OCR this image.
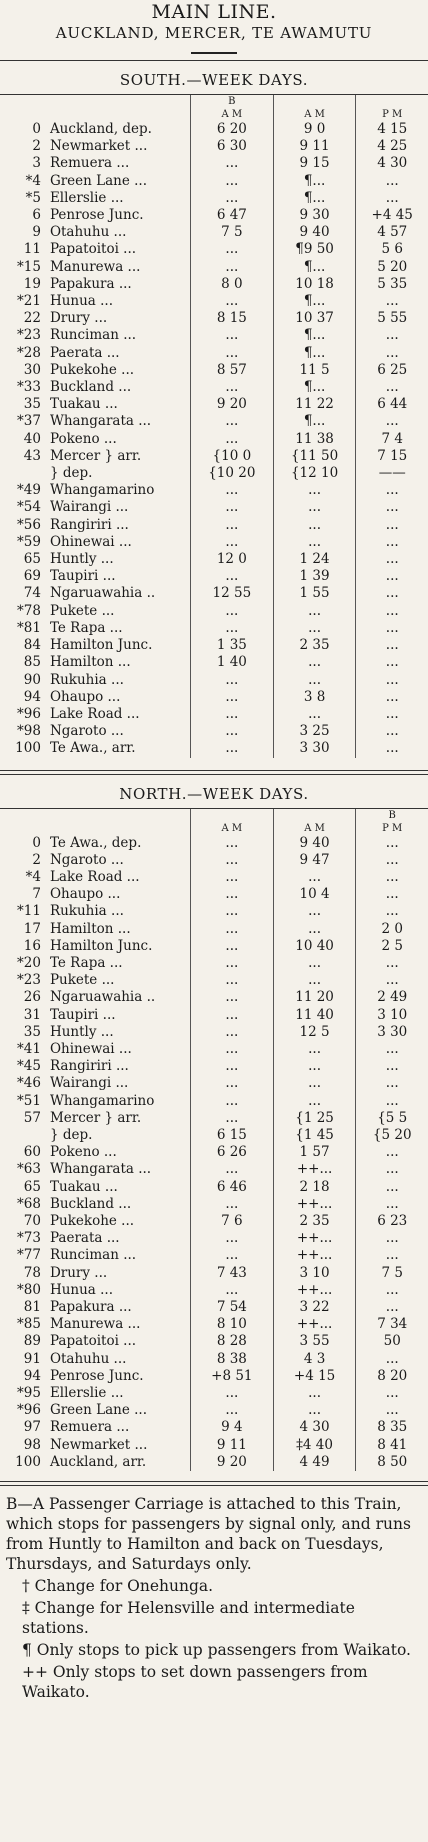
MAIN LINE.
AUCKLAND, MERCER, TE AWAMUTU
SOUTH.—WEEK DAYS.
		B		
		A M	A M	P M
0	Auckland, dep.	6 20	9 0	4 15
2	Newmarket ...	6 30	9 11	4 25
3	Remuera ...	...	9 15	4 30
*4	Green Lane ...	...	¶...	...
*5	Ellerslie ...	...	¶...	...
6	Penrose Junc.	6 47	9 30	+4 45
9	Otahuhu ...	7 5	9 40	4 57
11	Papatoitoi ...	...	¶9 50	5 6
*15	Manurewa ...	...	¶...	5 20
19	Papakura ...	8 0	10 18	5 35
*21	Hunua ...	...	¶...	...
22	Drury ...	8 15	10 37	5 55
*23	Runciman ...	...	¶...	...
*28	Paerata ...	...	¶...	...
30	Pukekohe ...	8 57	11 5	6 25
*33	Buckland ...	...	¶...	...
35	Tuakau ...	9 20	11 22	6 44
*37	Whangarata ...	...	¶...	...
40	Pokeno ...	...	11 38	7 4
43	Mercer } arr.	{10 0	{11 50	7 15
	} dep.	{10 20	{12 10	——
*49	Whangamarino	...	...	...
*54	Wairangi ...	...	...	...
*56	Rangiriri ...	...	...	...
*59	Ohinewai ...	...	...	...
65	Huntly ...	12 0	1 24	...
69	Taupiri ...	...	1 39	...
74	Ngaruawahia ..	12 55	1 55	...
*78	Pukete ...	...	...	...
*81	Te Rapa ...	...	...	...
84	Hamilton Junc.	1 35	2 35	...
85	Hamilton ...	1 40	...	...
90	Rukuhia ...	...	...	...
94	Ohaupo ...	...	3 8	...
*96	Lake Road ...	...	...	...
*98	Ngaroto ...	...	3 25	...
100	Te Awa., arr.	...	3 30	...
NORTH.—WEEK DAYS.
				B
		A M	A M	P M
0	Te Awa., dep.	...	9 40	...
2	Ngaroto ...	...	9 47	...
*4	Lake Road ...	...	...	...
7	Ohaupo ...	...	10 4	...
*11	Rukuhia ...	...	...	...
17	Hamilton ...	...	...	2 0
16	Hamilton Junc.	...	10 40	2 5
*20	Te Rapa ...	...	...	...
*23	Pukete ...	...	...	...
26	Ngaruawahia ..	...	11 20	2 49
31	Taupiri ...	...	11 40	3 10
35	Huntly ...	...	12 5	3 30
*41	Ohinewai ...	...	...	...
*45	Rangiriri ...	...	...	...
*46	Wairangi ...	...	...	...
*51	Whangamarino	...	...	...
57	Mercer } arr.	...	{1 25	{5 5
	} dep.	6 15	{1 45	{5 20
60	Pokeno ...	6 26	1 57	...
*63	Whangarata ...	...	++...	...
65	Tuakau ...	6 46	2 18	...
*68	Buckland ...	...	++...	...
70	Pukekohe ...	7 6	2 35	6 23
*73	Paerata ...	...	++...	...
*77	Runciman ...	...	++...	...
78	Drury ...	7 43	3 10	7 5
*80	Hunua ...	...	++...	...
81	Papakura ...	7 54	3 22	...
*85	Manurewa ...	8 10	++...	7 34
89	Papatoitoi ...	8 28	3 55	50
91	Otahuhu ...	8 38	4 3	...
94	Penrose Junc.	+8 51	+4 15	8 20
*95	Ellerslie ...	...	...	...
*96	Green Lane ...	...	...	...
97	Remuera ...	9 4	4 30	8 35
98	Newmarket ...	9 11	‡4 40	8 41
100	Auckland, arr.	9 20	4 49	8 50

B—A Passenger Carriage is attached to this Train, which stops for passengers by signal only, and runs from Huntly to Hamilton and back on Tuesdays, Thursdays, and Saturdays only.

† Change for Onehunga.

‡ Change for Helensville and intermediate stations.

¶ Only stops to pick up passengers from Waikato.

++ Only stops to set down passengers from Waikato.
